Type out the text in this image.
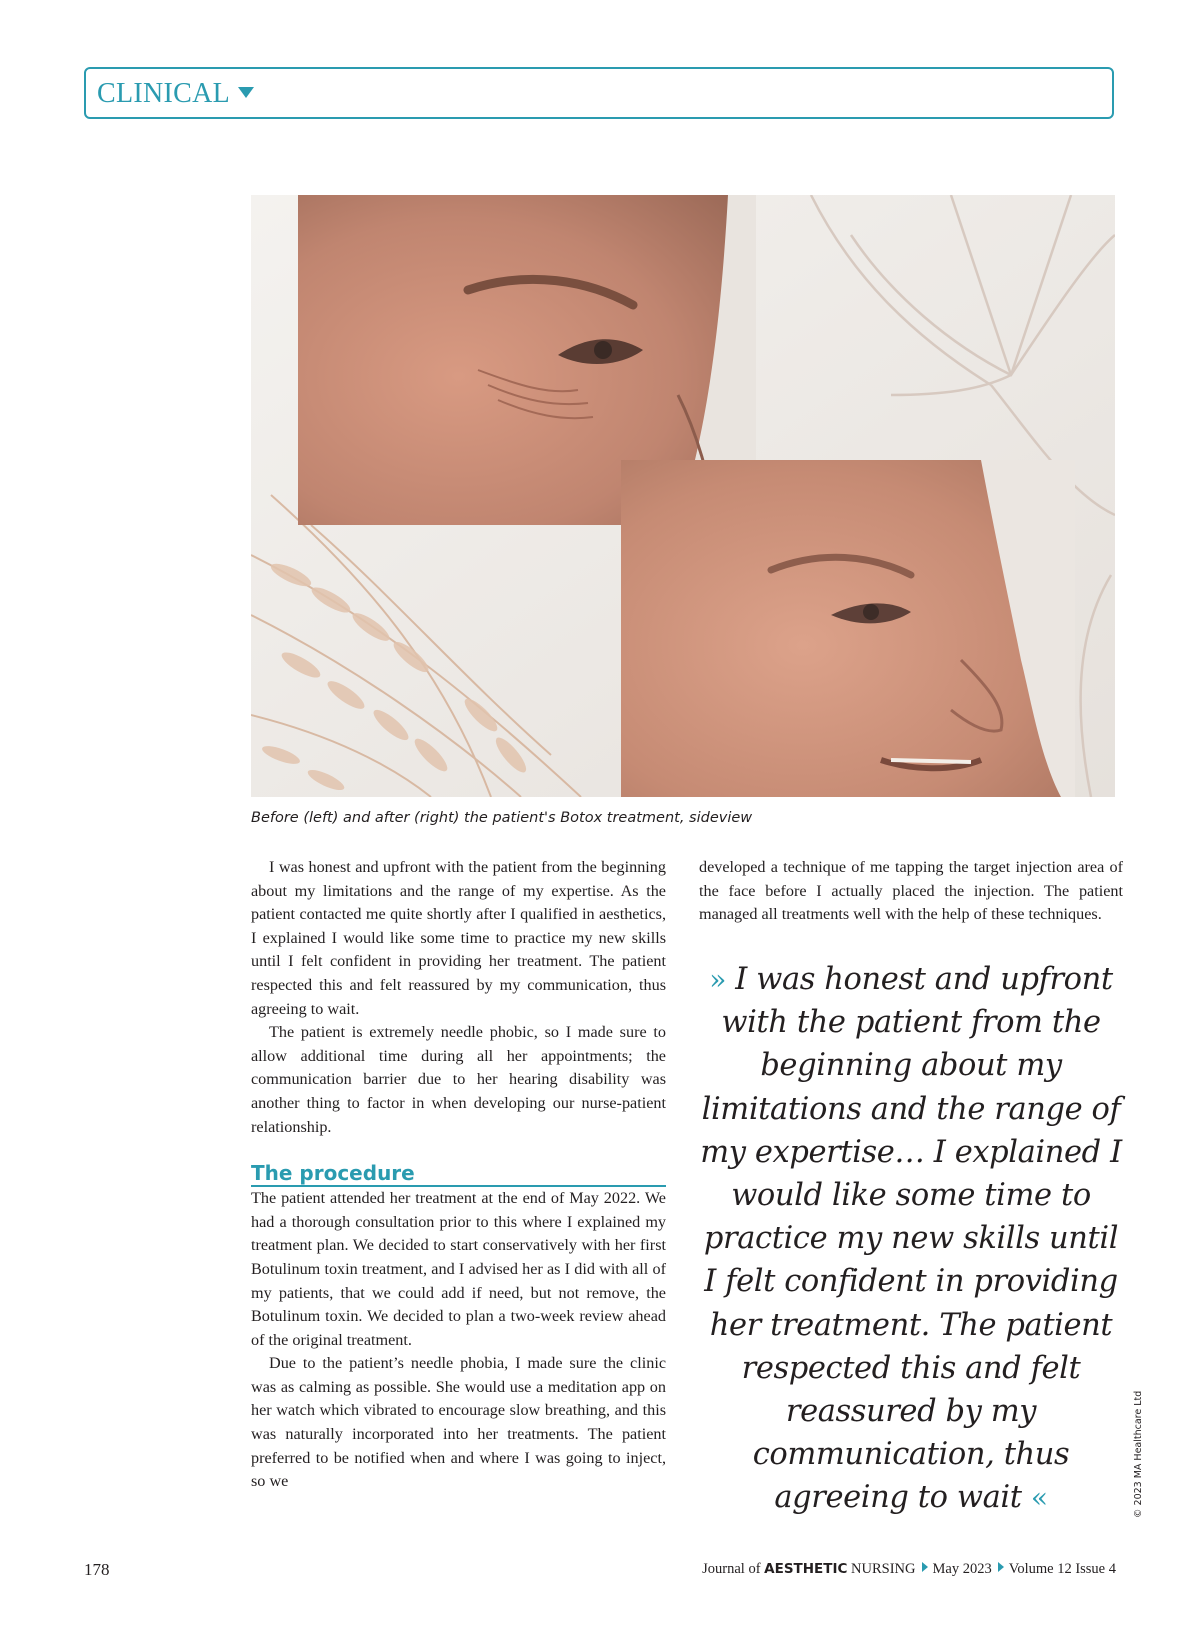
CLINICAL
Before (left) and after (right) the patient's Botox treatment, sideview

I was honest and upfront with the patient from the beginning about my limitations and the range of my expertise. As the patient contacted me quite shortly after I qualified in aesthetics, I explained I would like some time to practice my new skills until I felt confident in providing her treatment. The patient respected this and felt reassured by my communication, thus agreeing to wait.

The patient is extremely needle phobic, so I made sure to allow additional time during all her appointments; the communication barrier due to her hearing disability was another thing to factor in when developing our nurse-patient relationship.

The procedure

The patient attended her treatment at the end of May 2022. We had a thorough consultation prior to this where I explained my treatment plan. We decided to start conservatively with her first Botulinum toxin treatment, and I advised her as I did with all of my patients, that we could add if need, but not remove, the Botulinum toxin. We decided to plan a two-week review ahead of the original treatment.

Due to the patient’s needle phobia, I made sure the clinic was as calming as possible. She would use a meditation app on her watch which vibrated to encourage slow breathing, and this was naturally incorporated into her treatments. The patient preferred to be notified when and where I was going to inject, so we

developed a technique of me tapping the target injection area of the face before I actually placed the injection. The patient managed all treatments well with the help of these techniques.

» I was honest and upfront with the patient from the beginning about my limitations and the range of my expertise… I explained I would like some time to practice my new skills until I felt confident in providing her treatment. The patient respected this and felt reassured by my communication, thus agreeing to wait «	© 2023 MA Healthcare Ltd
178	Journal of AESTHETIC NURSING May 2023 Volume 12 Issue 4
